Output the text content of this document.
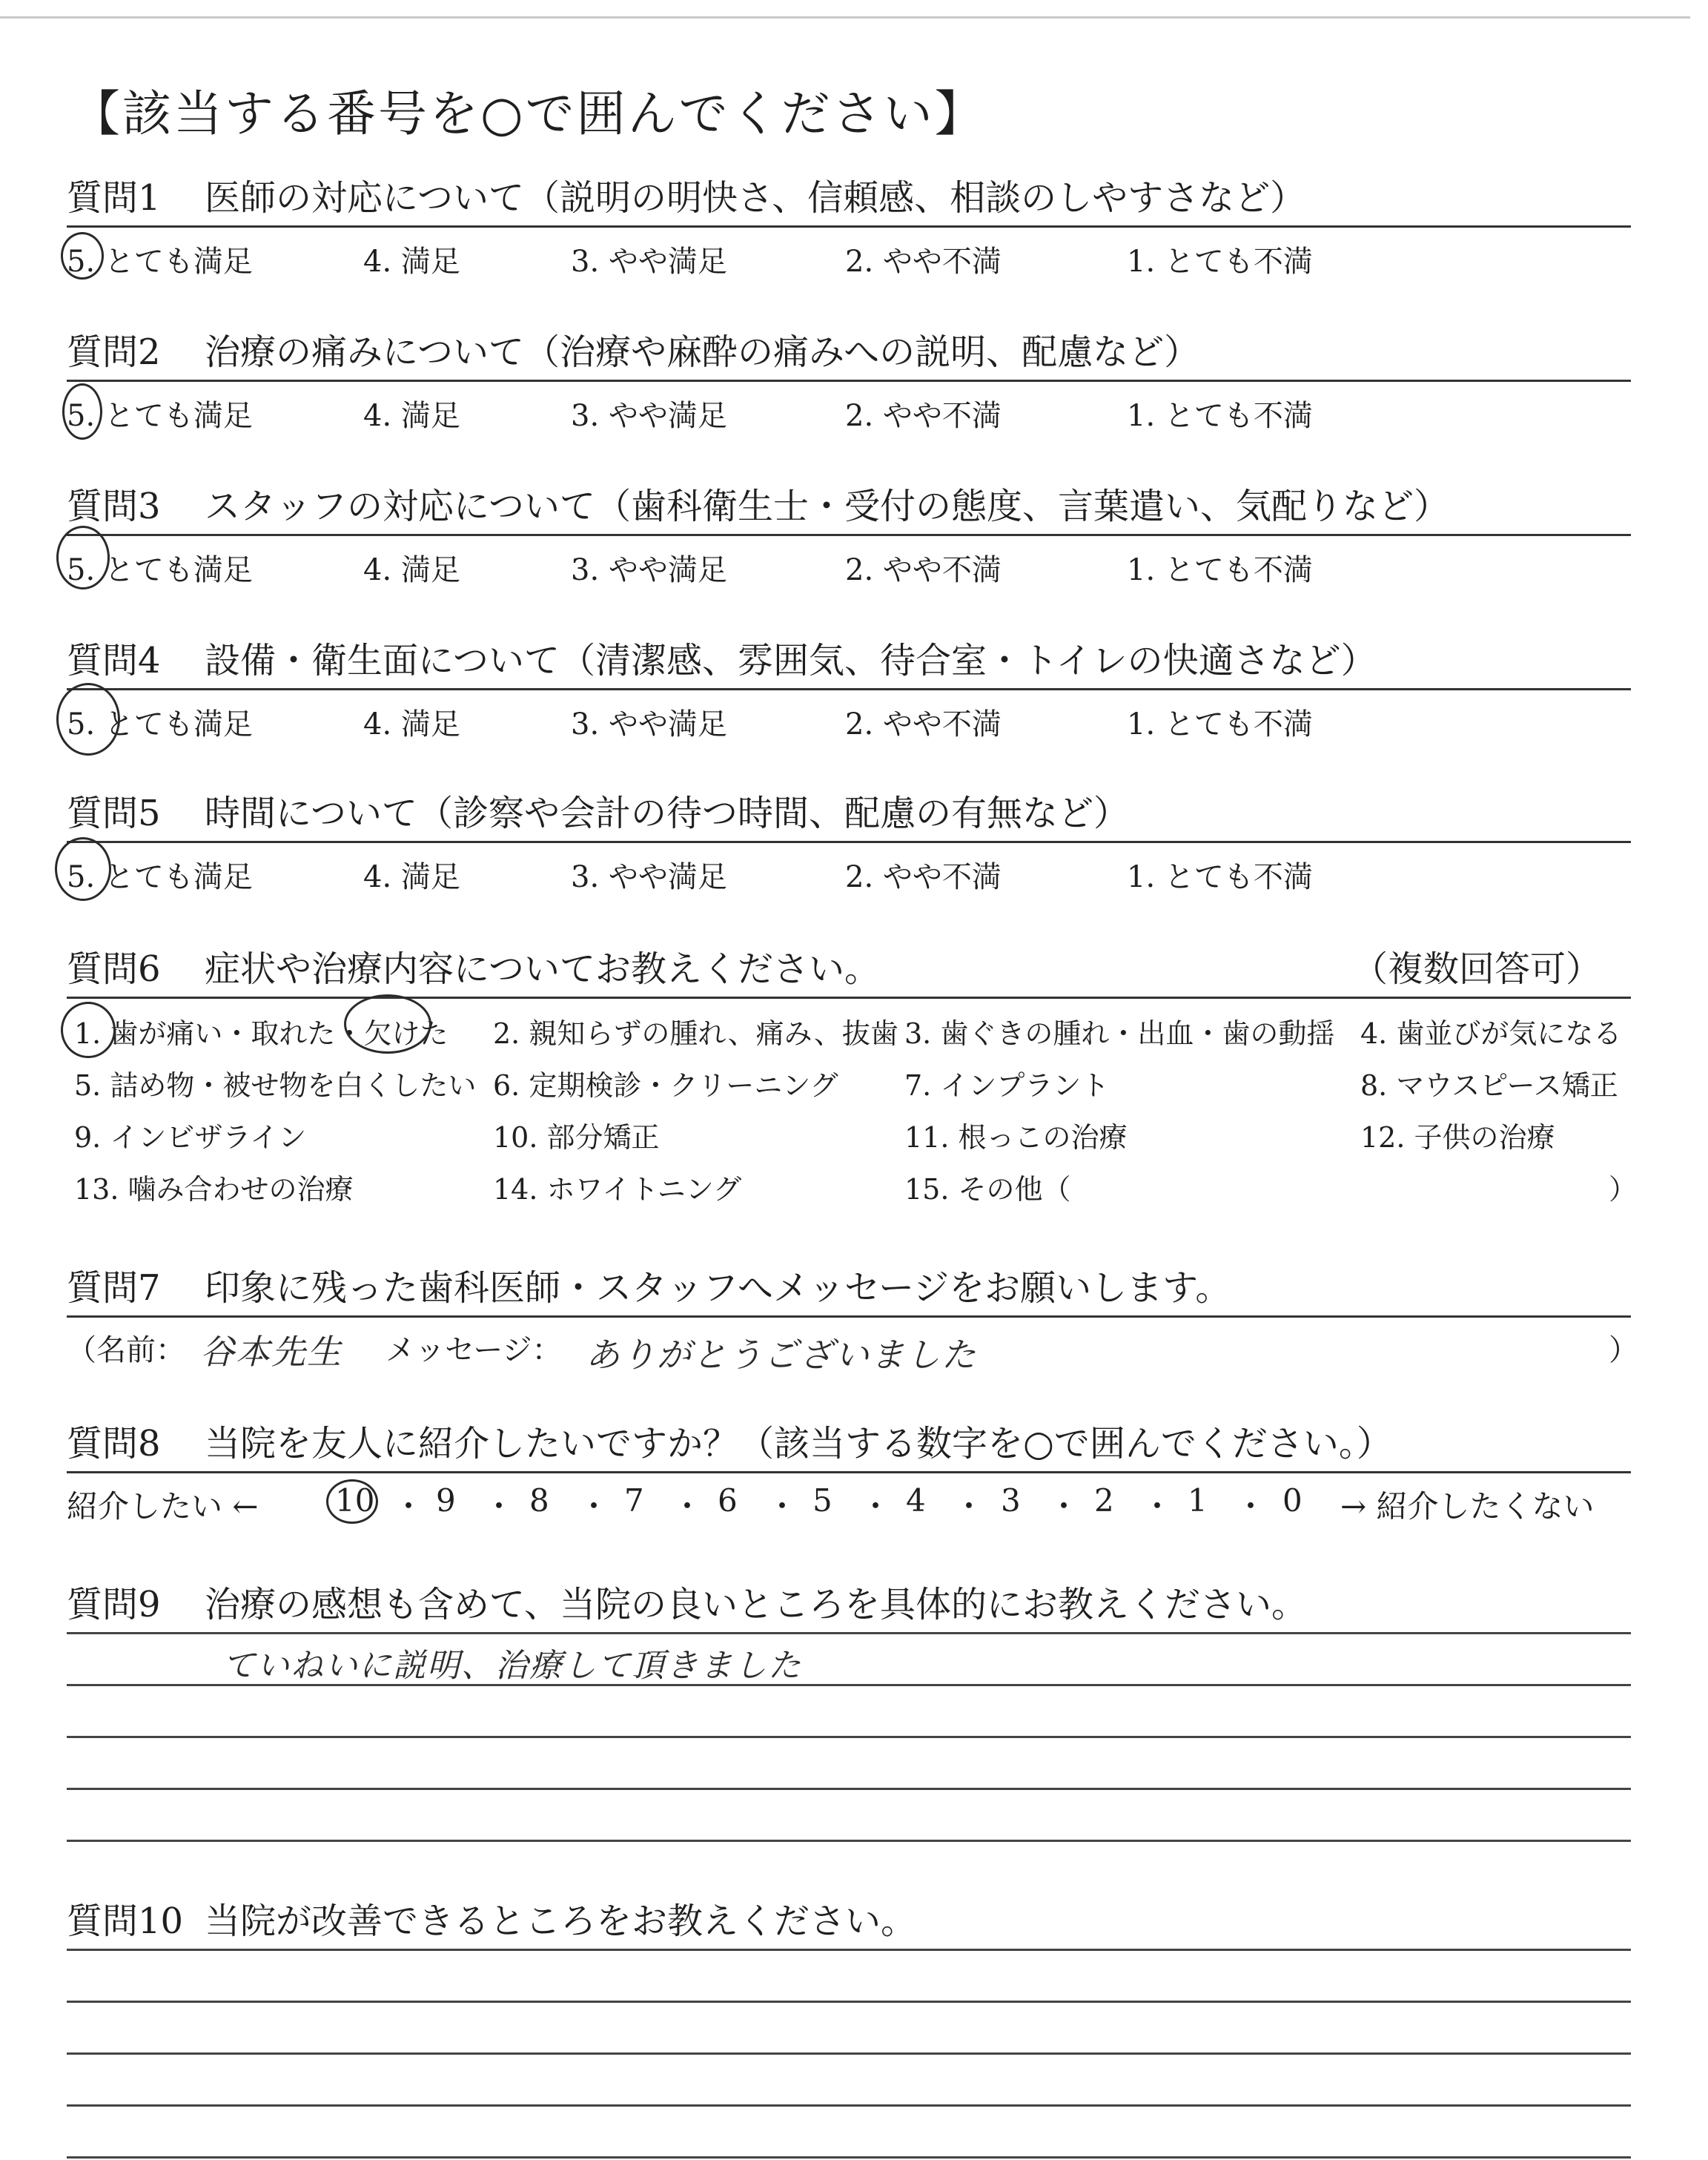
【該当する番号を○で囲んでください】
質問1 医師の対応について（説明の明快さ、信頼感、相談のしやすさなど）
5. とても満足	4. 満足	3. やや満足	2. やや不満	1. とても不満
質問2 治療の痛みについて（治療や麻酔の痛みへの説明、配慮など）
5. とても満足	4. 満足	3. やや満足	2. やや不満	1. とても不満
質問3 スタッフの対応について（歯科衛生士・受付の態度、言葉遣い、気配りなど）
5. とても満足	4. 満足	3. やや満足	2. やや不満	1. とても不満
質問4 設備・衛生面について（清潔感、雰囲気、待合室・トイレの快適さなど）
5. とても満足	4. 満足	3. やや満足	2. やや不満	1. とても不満
質問5 時間について（診察や会計の待つ時間、配慮の有無など）
5. とても満足	4. 満足	3. やや満足	2. やや不満	1. とても不満
質問6 症状や治療内容についてお教えください。	（複数回答可）
1. 歯が痛い・取れた・欠けた 2. 親知らずの腫れ、痛み、抜歯 3. 歯ぐきの腫れ・出血・歯の動揺 4. 歯並びが気になる
5. 詰め物・被せ物を白くしたい 6. 定期検診・クリーニング 7. インプラント	8. マウスピース矯正
9. インビザライン	10. 部分矯正	11. 根っこの治療	12. 子供の治療
13. 噛み合わせの治療	14. ホワイトニング	15. その他（	）
質問7 印象に残った歯科医師・スタッフへメッセージをお願いします。
（名前： 谷本先生 メッセージ： ありがとうございました	）
質問8 当院を友人に紹介したいですか？（該当する数字を○で囲んでください。）
紹介したい ← 10 ・ 9 ・ 8 ・ 7 ・ 6 ・ 5 ・ 4 ・ 3 ・ 2 ・ 1 ・ 0 → 紹介したくない
質問9 治療の感想も含めて、当院の良いところを具体的にお教えください。
ていねいに説明、治療して頂きました
質問10 当院が改善できるところをお教えください。
